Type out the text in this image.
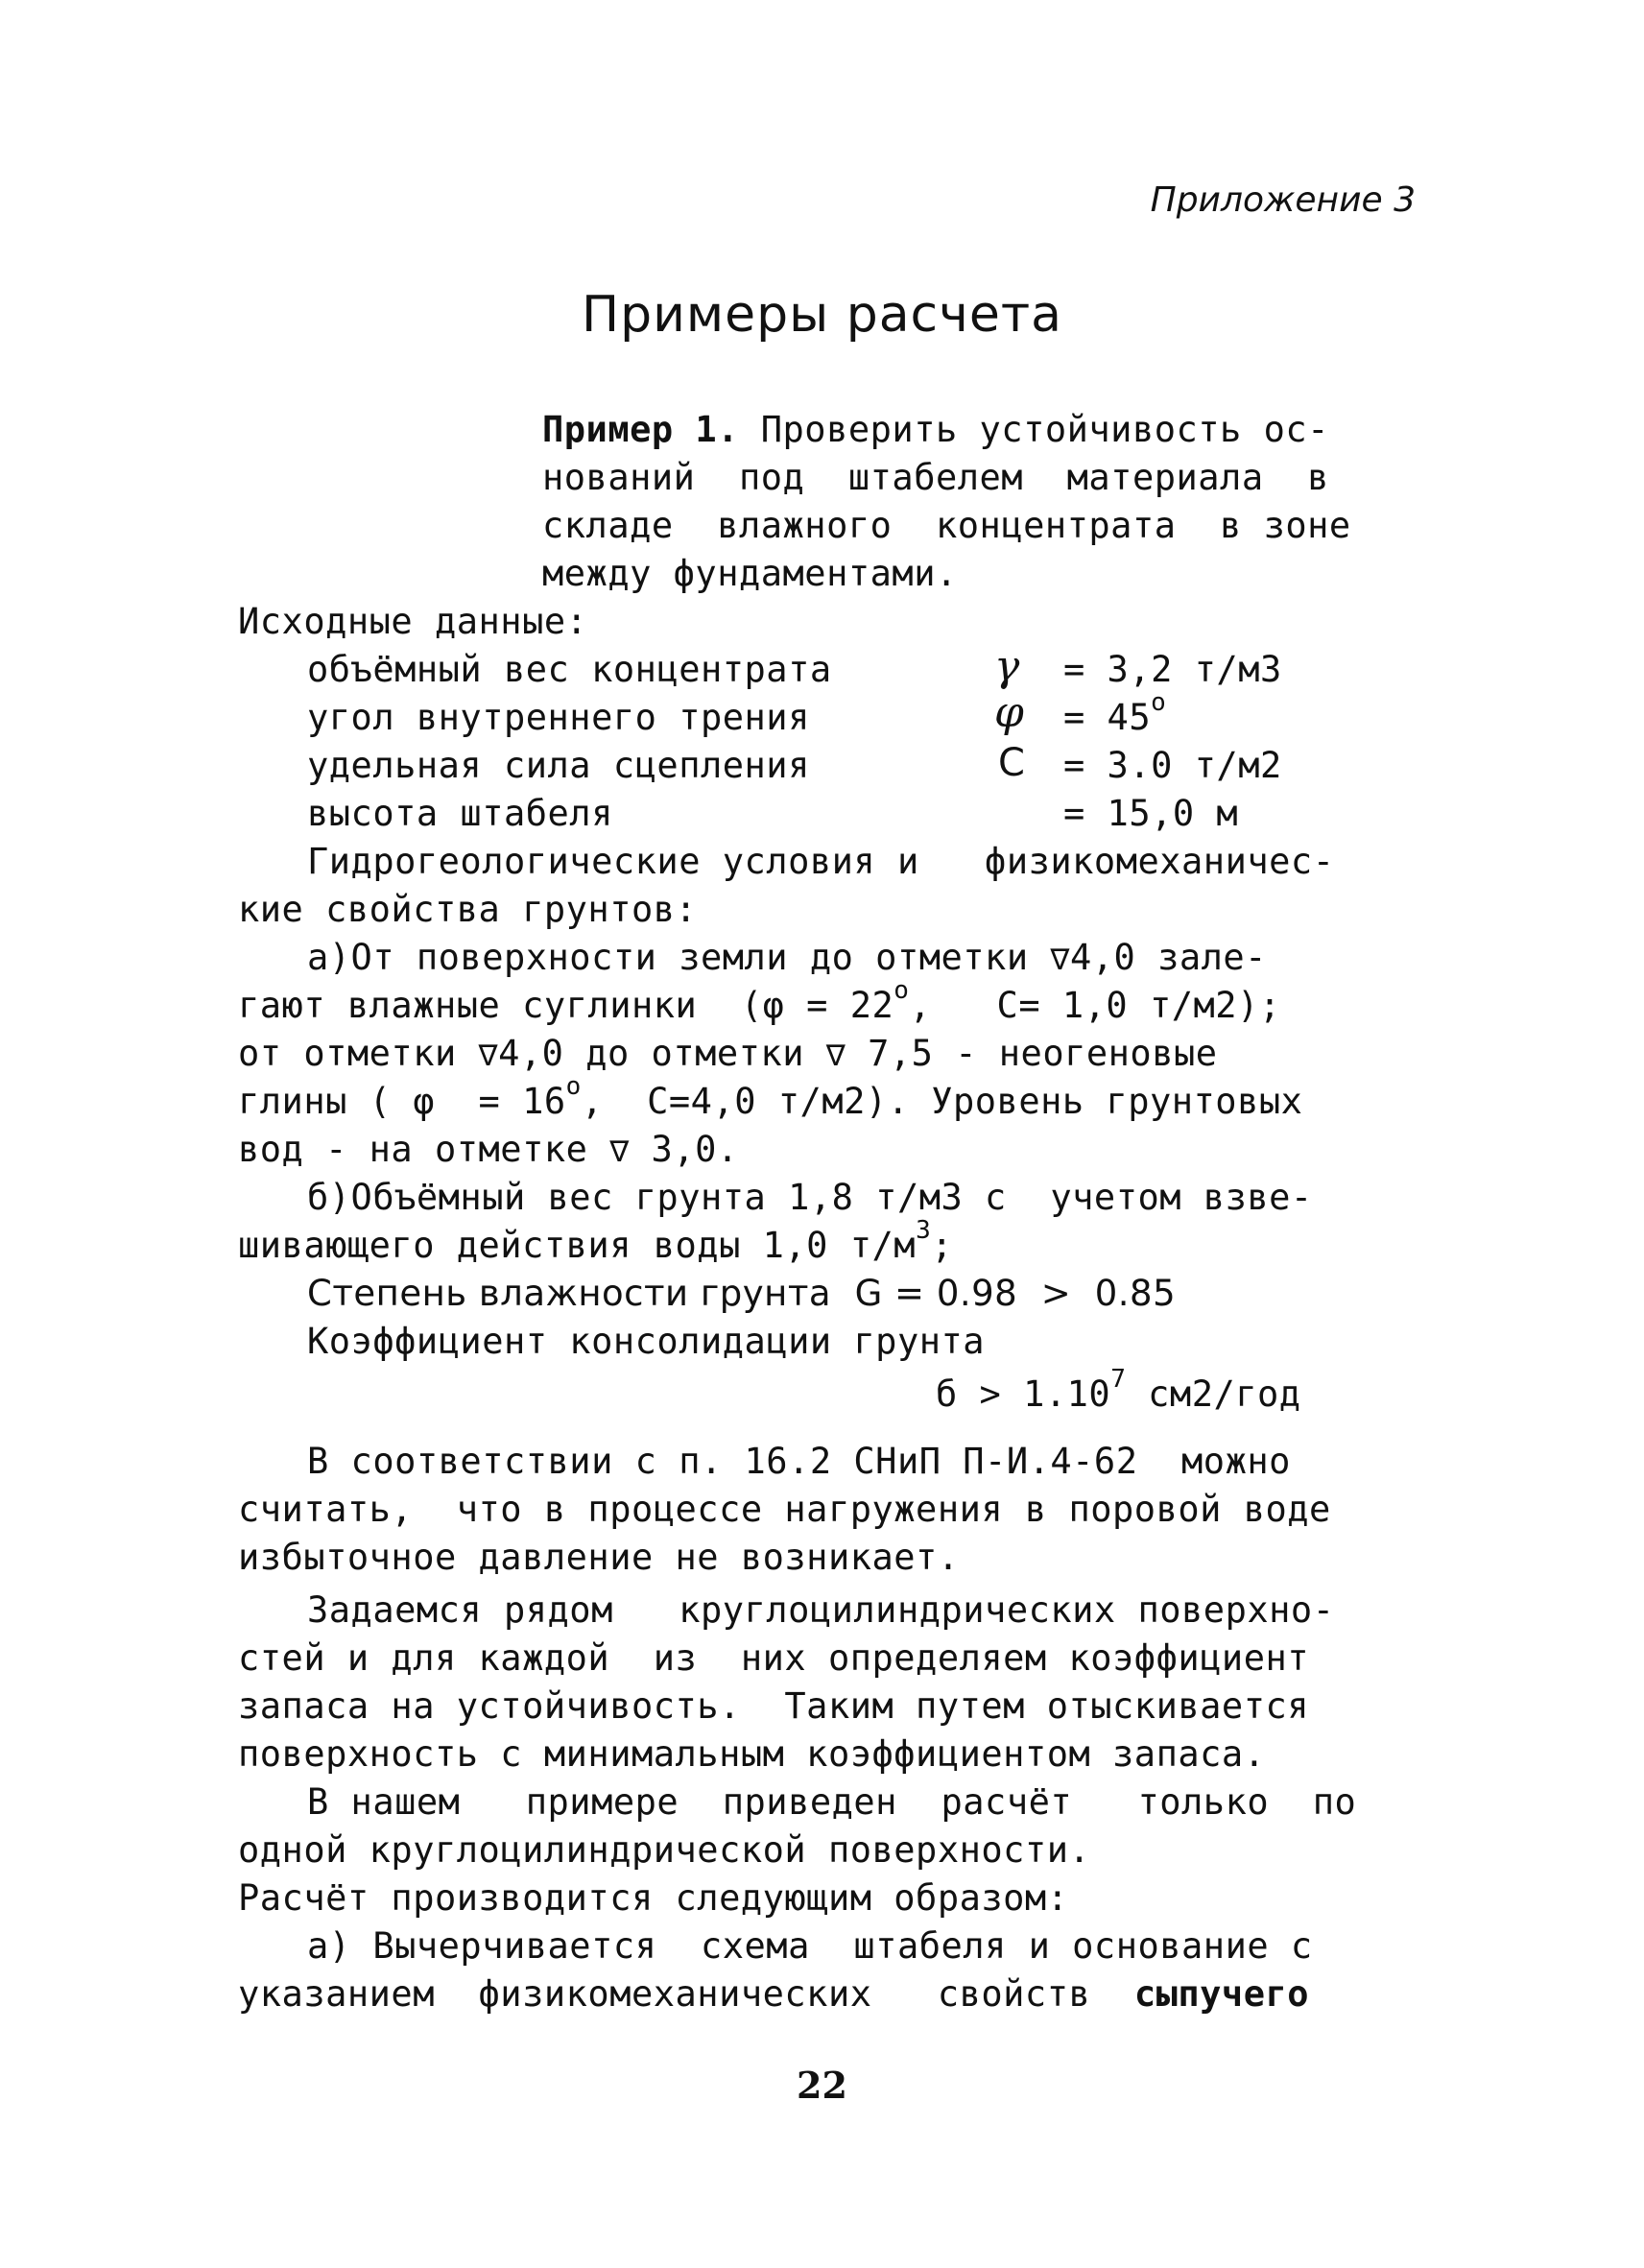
Приложение 3
Примеры расчета
Пример 1. Проверить устойчивость ос-
нований  под  штабелем  материала  в
складе  влажного  концентрата  в зоне
между фундаментами.
Исходные данные:
объёмный вес концентрата	γ = 3,2 т/м3
угол внутреннего трения	$\varphi = 45^о$
удельная сила сцепления	С = 3.0 т/м2
высота штабеля	= 15,0 м
Гидрогеологические условия и   физикомеханичес-
кие свойства грунтов:
а)От поверхности земли до отметки ∇4,0 зале-
гают влажные суглинки  ($\varphi = 22^о$,   С= 1,0 т/м2);
от отметки ∇4,0 до отметки ∇ 7,5 - неогеновые
глины ( $\varphi = 16^о$,  С=4,0 т/м2). Уровень грунтовых
вод - на отметке ∇ 3,0.
б)Объёмный вес грунта 1,8 т/м3 с  учетом взве-
шивающего действия воды 1,0 $т/м^3$;
Степень влажности грунта  G = 0.98  >  0.85
Коэффициент консолидации грунта
$б > 1.10^7$ см2/год
В соответствии с п. 16.2 СНиП П-И.4-62  можно
считать,  что в процессе нагружения в поровой воде
избыточное давление не возникает.
Задаемся рядом   круглоцилиндрических поверхно-
стей и для каждой  из  них определяем коэффициент
запаса на устойчивость.  Таким путем отыскивается
поверхность с минимальным коэффициентом запаса.
В нашем   примере  приведен  расчёт   только  по
одной круглоцилиндрической поверхности.
Расчёт производится следующим образом:
а) Вычерчивается  схема  штабеля и основание с
указанием  физикомеханических   свойств  сыпучего
22
